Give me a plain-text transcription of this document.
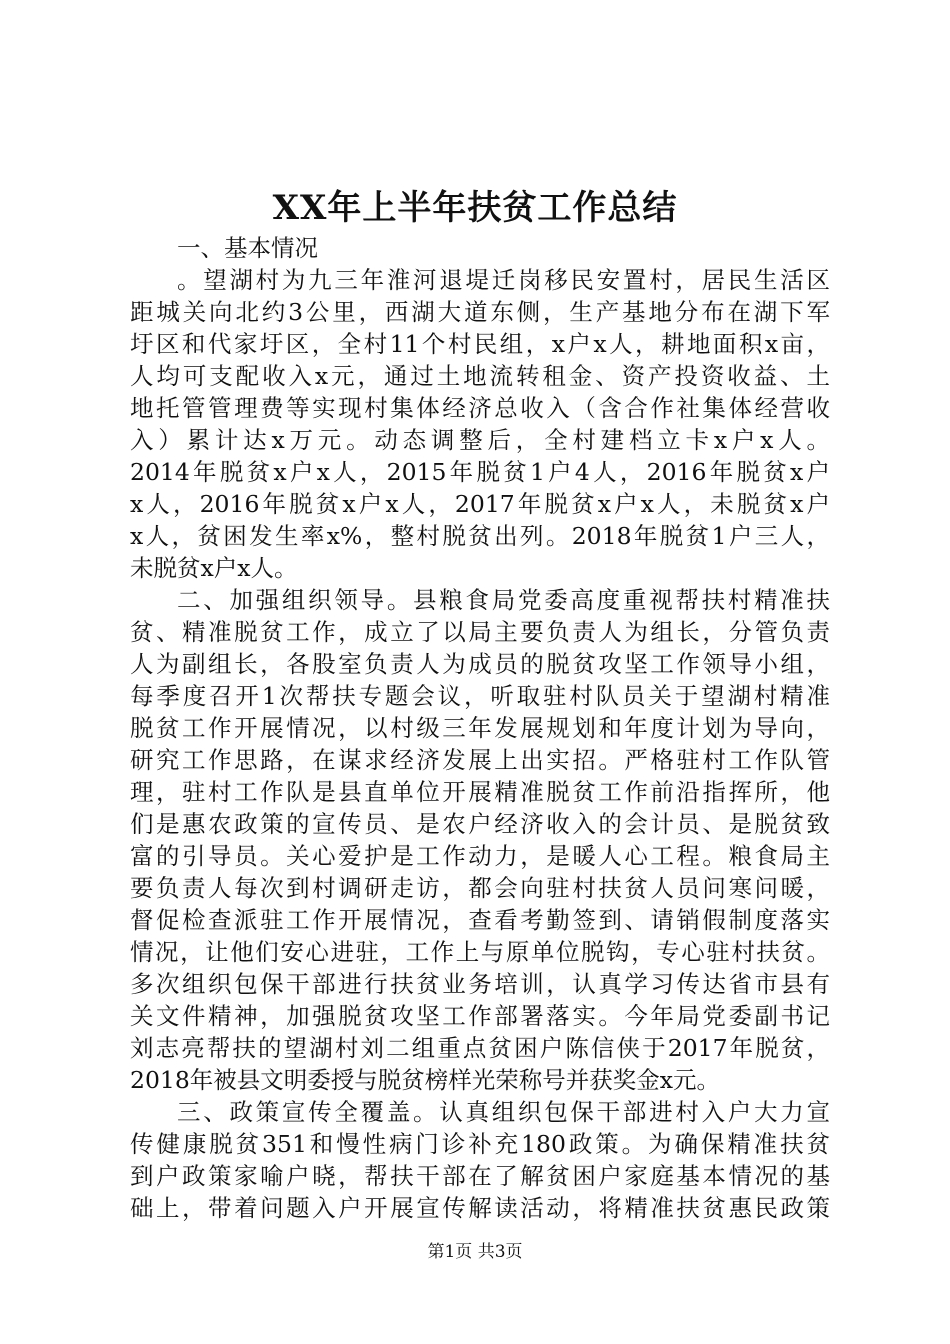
XX年上半年扶贫工作总结
一、基本情况
。望湖村为九三年淮河退堤迁岗移民安置村，居民生活区
距城关向北约3公里，西湖大道东侧，生产基地分布在湖下军
圩区和代家圩区，全村11个村民组，x户x人，耕地面积x亩，
人均可支配收入x元，通过土地流转租金、资产投资收益、土
地托管管理费等实现村集体经济总收入（含合作社集体经营收
入）累计达x万元。动态调整后，全村建档立卡x户x人。
2014年脱贫x户x人，2015年脱贫1户4人，2016年脱贫x户
x人，2016年脱贫x户x人，2017年脱贫x户x人，未脱贫x户
x人，贫困发生率x%，整村脱贫出列。2018年脱贫1户三人，
未脱贫x户x人。
二、加强组织领导。县粮食局党委高度重视帮扶村精准扶
贫、精准脱贫工作，成立了以局主要负责人为组长，分管负责
人为副组长，各股室负责人为成员的脱贫攻坚工作领导小组，
每季度召开1次帮扶专题会议，听取驻村队员关于望湖村精准
脱贫工作开展情况，以村级三年发展规划和年度计划为导向，
研究工作思路，在谋求经济发展上出实招。严格驻村工作队管
理，驻村工作队是县直单位开展精准脱贫工作前沿指挥所，他
们是惠农政策的宣传员、是农户经济收入的会计员、是脱贫致
富的引导员。关心爱护是工作动力，是暖人心工程。粮食局主
要负责人每次到村调研走访，都会向驻村扶贫人员问寒问暖，
督促检查派驻工作开展情况，查看考勤签到、请销假制度落实
情况，让他们安心进驻，工作上与原单位脱钩，专心驻村扶贫。
多次组织包保干部进行扶贫业务培训，认真学习传达省市县有
关文件精神，加强脱贫攻坚工作部署落实。今年局党委副书记
刘志亮帮扶的望湖村刘二组重点贫困户陈信侠于2017年脱贫，
2018年被县文明委授与脱贫榜样光荣称号并获奖金x元。
三、政策宣传全覆盖。认真组织包保干部进村入户大力宣
传健康脱贫351和慢性病门诊补充180政策。为确保精准扶贫
到户政策家喻户晓，帮扶干部在了解贫困户家庭基本情况的基
础上，带着问题入户开展宣传解读活动，将精准扶贫惠民政策
第1页 共3页
